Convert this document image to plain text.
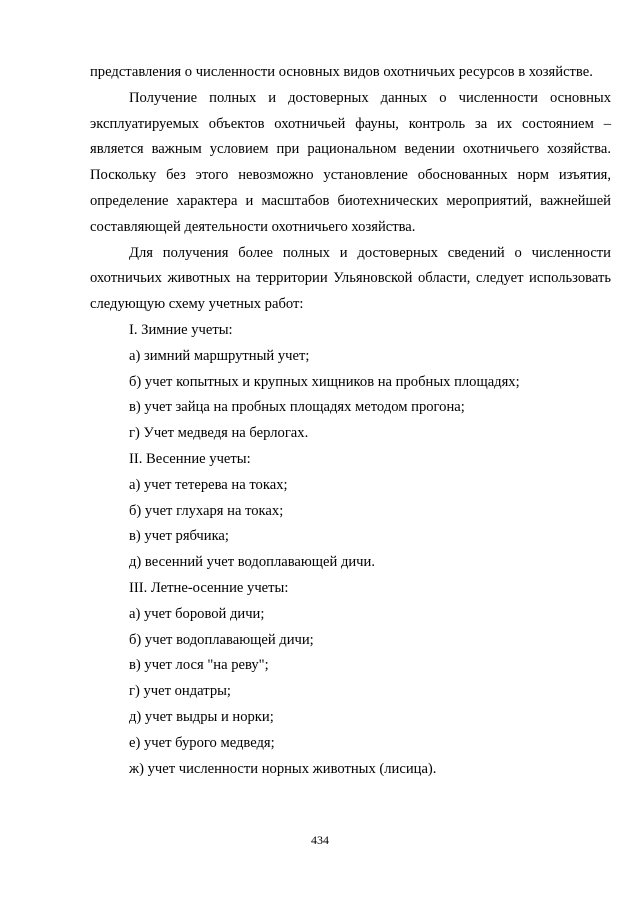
представления о численности основных видов охотничьих ресурсов в хозяйстве.

Получение полных и достоверных данных о численности основных эксплуатируемых объектов охотничьей фауны, контроль за их состоянием – является важным условием при рациональном ведении охотничьего хозяйства. Поскольку без этого невозможно установление обоснованных норм изъятия, определение характера и масштабов биотехнических мероприятий, важнейшей составляющей деятельности охотничьего хозяйства.

Для получения более полных и достоверных сведений о численности охотничьих животных на территории Ульяновской области, следует использовать следующую схему учетных работ:

I. Зимние учеты:

а) зимний маршрутный учет;

б) учет копытных и крупных хищников на пробных площадях;

в) учет зайца на пробных площадях методом прогона;

г) Учет медведя на берлогах.

II. Весенние учеты:

а) учет тетерева на токах;

б) учет глухаря на токах;

в) учет рябчика;

д) весенний учет водоплавающей дичи.

III. Летне-осенние учеты:

а) учет боровой дичи;

б) учет водоплавающей дичи;

в) учет лося "на реву";

г) учет ондатры;

д) учет выдры и норки;

е) учет бурого медведя;

ж) учет численности норных животных (лисица).

434
